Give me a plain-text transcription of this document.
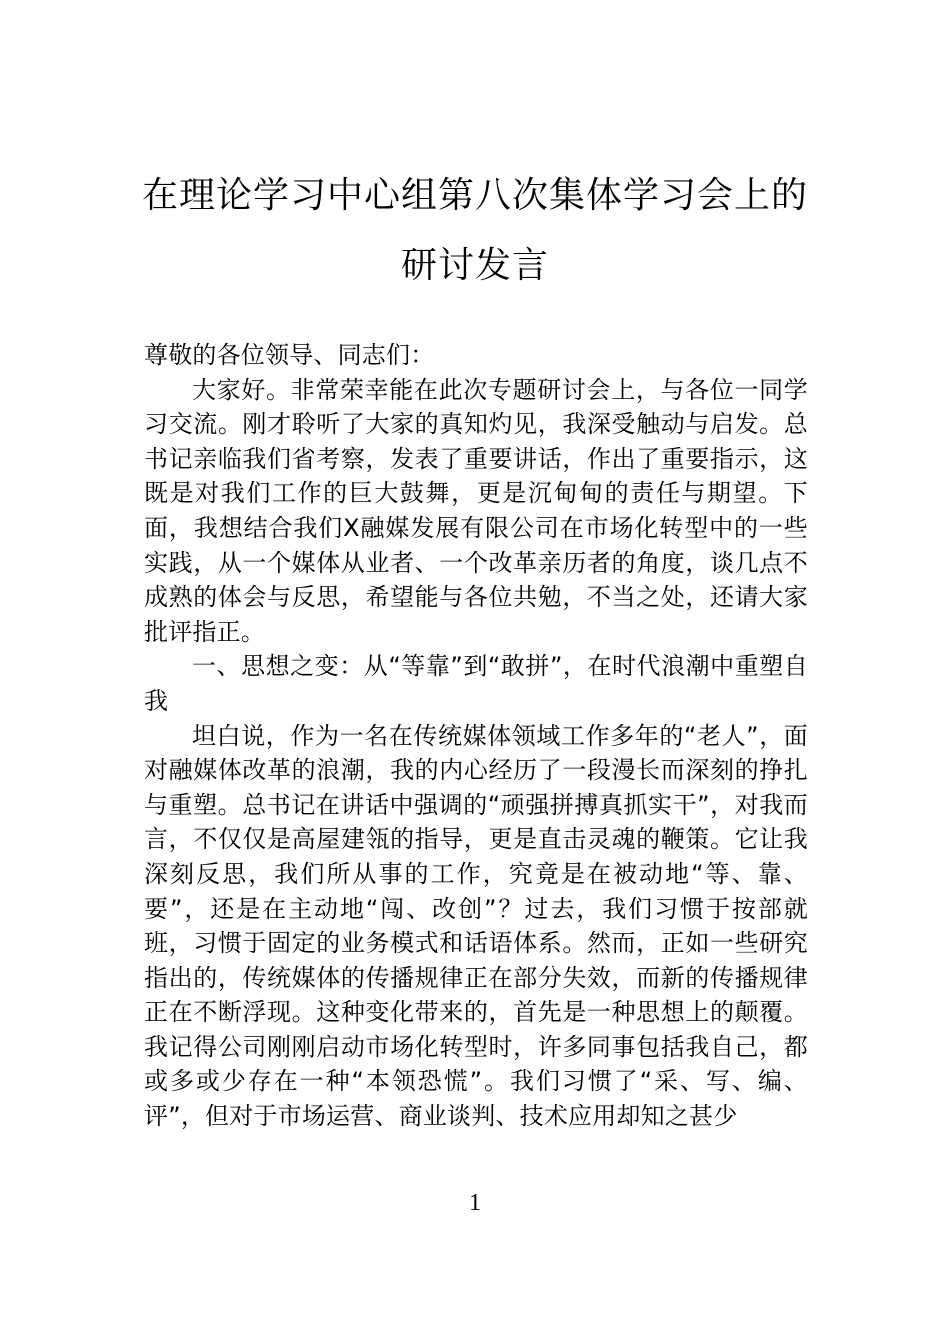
在理论学习中心组第八次集体学习会上的
研讨发言

尊敬的各位领导、同志们：

大家好。非常荣幸能在此次专题研讨会上，与各位一同学习交流。刚才聆听了大家的真知灼见，我深受触动与启发。总书记亲临我们省考察，发表了重要讲话，作出了重要指示，这既是对我们工作的巨大鼓舞，更是沉甸甸的责任与期望。下面，我想结合我们X融媒发展有限公司在市场化转型中的一些实践，从一个媒体从业者、一个改革亲历者的角度，谈几点不成熟的体会与反思，希望能与各位共勉，不当之处，还请大家批评指正。

一、思想之变：从“等靠”到“敢拼”，在时代浪潮中重塑自我

坦白说，作为一名在传统媒体领域工作多年的“老人”，面对融媒体改革的浪潮，我的内心经历了一段漫长而深刻的挣扎与重塑。总书记在讲话中强调的“顽强拼搏真抓实干”，对我而言，不仅仅是高屋建瓴的指导，更是直击灵魂的鞭策。它让我深刻反思，我们所从事的工作，究竟是在被动地“等、靠、要”，还是在主动地“闯、改创”？过去，我们习惯于按部就班，习惯于固定的业务模式和话语体系。然而，正如一些研究指出的，传统媒体的传播规律正在部分失效，而新的传播规律正在不断浮现。这种变化带来的，首先是一种思想上的颠覆。我记得公司刚刚启动市场化转型时，许多同事包括我自己，都或多或少存在一种“本领恐慌”。我们习惯了“采、写、编、评”，但对于市场运营、商业谈判、技术应用却知之甚少

1
